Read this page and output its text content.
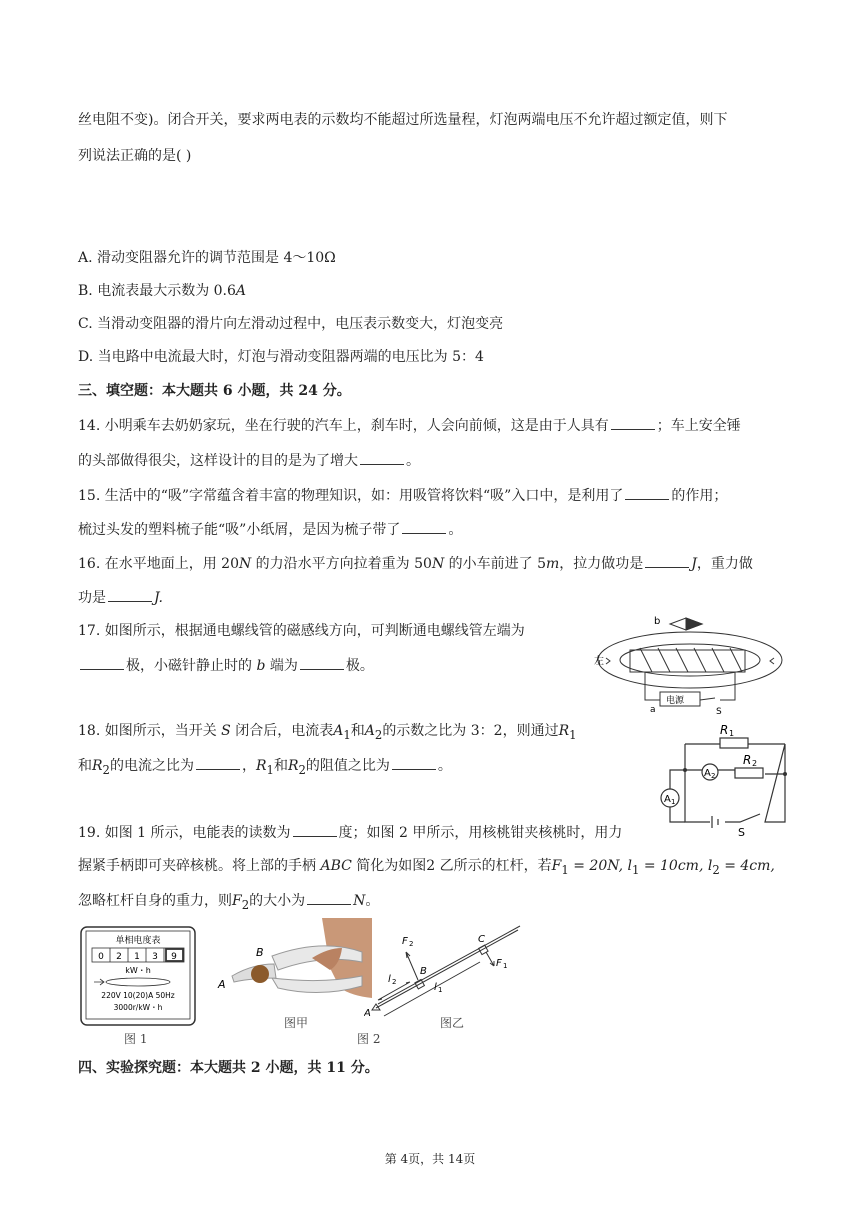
丝电阻不变)。闭合开关，要求两电表的示数均不能超过所选量程，灯泡两端电压不允许超过额定值，则下
列说法正确的是( )
A. 滑动变阻器允许的调节范围是 4～10Ω
B. 电流表最大示数为 0.6A
C. 当滑动变阻器的滑片向左滑动过程中，电压表示数变大，灯泡变亮
D. 当电路中电流最大时，灯泡与滑动变阻器两端的电压比为 5：4
三、填空题：本大题共 6 小题，共 24 分。
14. 小明乘车去奶奶家玩，坐在行驶的汽车上，刹车时，人会向前倾，这是由于人具有	；车上安全锤
的头部做得很尖，这样设计的目的是为了增大	。
15. 生活中的“吸”字常蕴含着丰富的物理知识，如：用吸管将饮料“吸”入口中，是利用了	的作用；
梳过头发的塑料梳子能“吸”小纸屑，是因为梳子带了	。
16. 在水平地面上，用 20N 的力沿水平方向拉着重为 50N 的小车前进了 5m，拉力做功是	J，重力做
功是	J.
17. 如图所示，根据通电螺线管的磁感线方向，可判断通电螺线管左端为
极，小磁针静止时的 b 端为	极。
b
左
电源
a	S
18. 如图所示，当开关 S 闭合后，电流表$A_1$和$A_2$的示数之比为 3：2，则通过$R_1$
和$R_2$的电流之比为	，$R_1$和$R_2$的阻值之比为	。
R 1
R 2
A 2
A 1
S
19. 如图 1 所示，电能表的读数为	度；如图 2 甲所示，用核桃钳夹核桃时，用力
握紧手柄即可夹碎核桃。将上部的手柄 ABC 简化为如图2 乙所示的杠杆，若$F_1 = 20N$, $l_1 = 10cm$, $l_2 = 4cm$,
忽略杠杆自身的重力，则$F_2$的大小为	N。
单相电度表
0 2 1 3 9
kW・h
220V 10(20)A 50Hz
3000r/kW・h
图 1
B
A
图甲
图 2
F 2	C
l 2
B
F 1
A
l 1
图乙
四、实验探究题：本大题共 2 小题，共 11 分。
第 4页，共 14页
